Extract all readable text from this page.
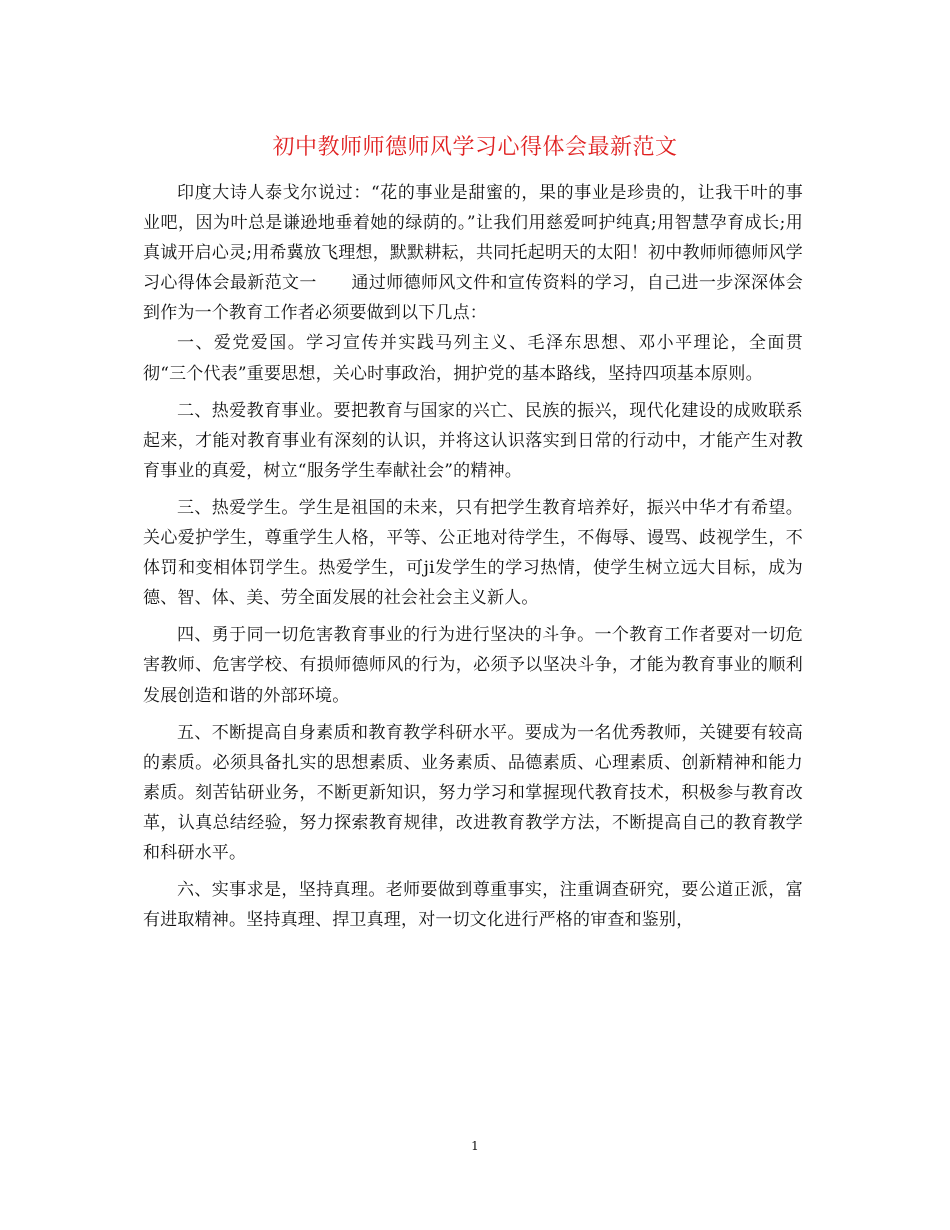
初中教师师德师风学习心得体会最新范文

印度大诗人泰戈尔说过：“花的事业是甜蜜的，果的事业是珍贵的，让我干叶的事业吧，因为叶总是谦逊地垂着她的绿荫的。”让我们用慈爱呵护纯真;用智慧孕育成长;用真诚开启心灵;用希冀放飞理想，默默耕耘，共同托起明天的太阳！初中教师师德师风学习心得体会最新范文一　　通过师德师风文件和宣传资料的学习，自己进一步深深体会到作为一个教育工作者必须要做到以下几点：

一、爱党爱国。学习宣传并实践马列主义、毛泽东思想、邓小平理论，全面贯彻“三个代表”重要思想，关心时事政治，拥护党的基本路线，坚持四项基本原则。

二、热爱教育事业。要把教育与国家的兴亡、民族的振兴，现代化建设的成败联系起来，才能对教育事业有深刻的认识，并将这认识落实到日常的行动中，才能产生对教育事业的真爱，树立“服务学生奉献社会”的精神。

三、热爱学生。学生是祖国的未来，只有把学生教育培养好，振兴中华才有希望。关心爱护学生，尊重学生人格，平等、公正地对待学生，不侮辱、谩骂、歧视学生，不体罚和变相体罚学生。热爱学生，可ji发学生的学习热情，使学生树立远大目标，成为德、智、体、美、劳全面发展的社会社会主义新人。

四、勇于同一切危害教育事业的行为进行坚决的斗争。一个教育工作者要对一切危害教师、危害学校、有损师德师风的行为，必须予以坚决斗争，才能为教育事业的顺利发展创造和谐的外部环境。

五、不断提高自身素质和教育教学科研水平。要成为一名优秀教师，关键要有较高的素质。必须具备扎实的思想素质、业务素质、品德素质、心理素质、创新精神和能力素质。刻苦钻研业务，不断更新知识，努力学习和掌握现代教育技术，积极参与教育改革，认真总结经验，努力探索教育规律，改进教育教学方法，不断提高自己的教育教学和科研水平。

六、实事求是，坚持真理。老师要做到尊重事实，注重调查研究，要公道正派，富有进取精神。坚持真理、捍卫真理，对一切文化进行严格的审查和鉴别，

1
